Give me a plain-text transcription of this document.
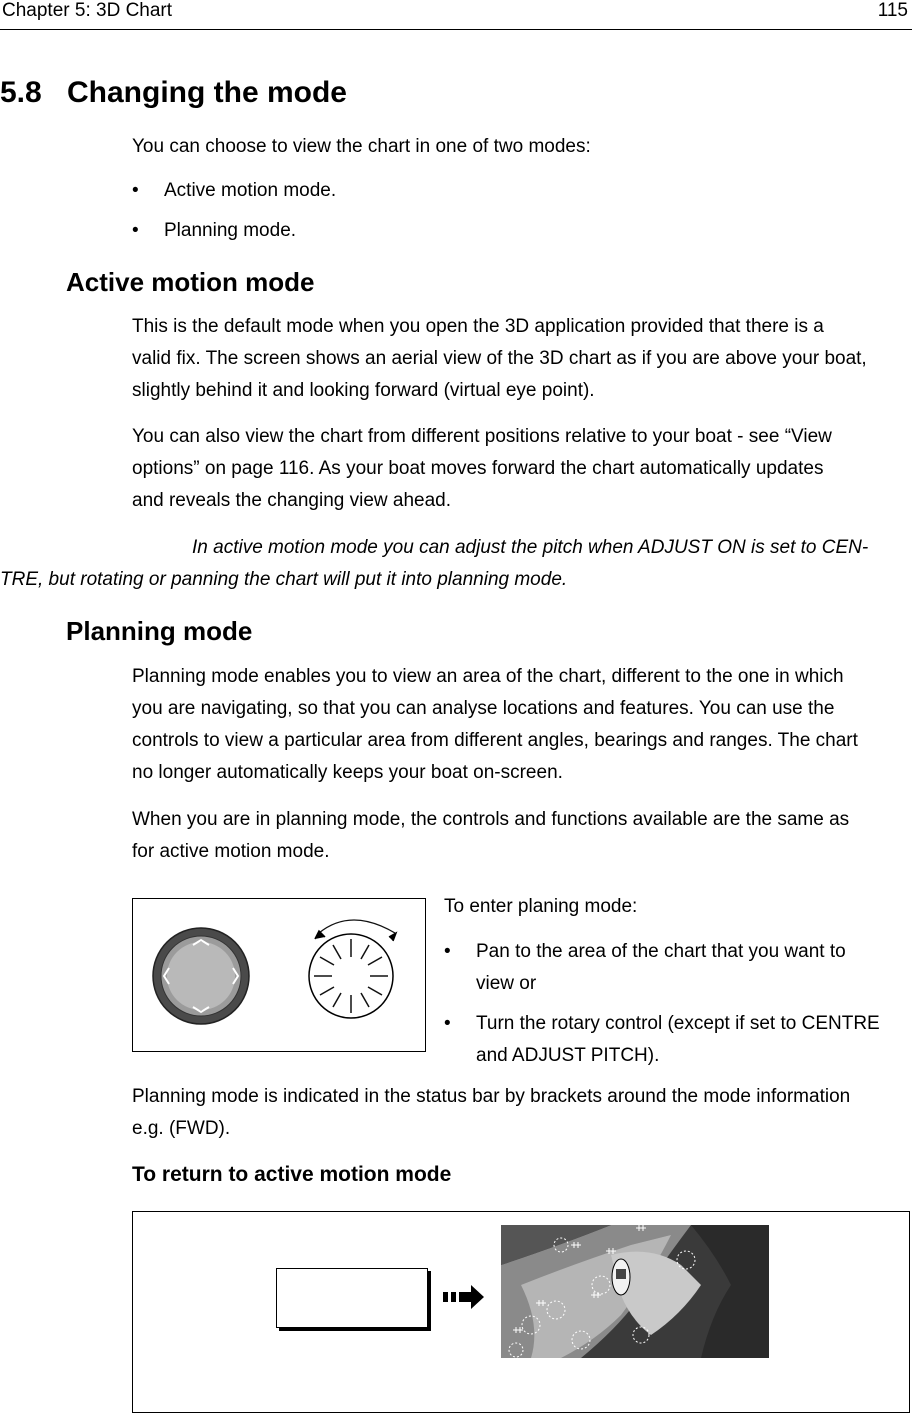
Chapter 5: 3D Chart	115
5.8 Changing the mode
You can choose to view the chart in one of two modes:
• Active motion mode.
• Planning mode.
Active motion mode
This is the default mode when you open the 3D application provided that there is a
valid fix. The screen shows an aerial view of the 3D chart as if you are above your boat,
slightly behind it and looking forward (virtual eye point).
You can also view the chart from different positions relative to your boat - see “View
options” on page 116. As your boat moves forward the chart automatically updates
and reveals the changing view ahead.
In active motion mode you can adjust the pitch when ADJUST ON is set to CEN-
TRE, but rotating or panning the chart will put it into planning mode.
Planning mode
Planning mode enables you to view an area of the chart, different to the one in which
you are navigating, so that you can analyse locations and features. You can use the
controls to view a particular area from different angles, bearings and ranges. The chart
no longer automatically keeps your boat on-screen.
When you are in planning mode, the controls and functions available are the same as
for active motion mode.
To enter planing mode:
• Pan to the area of the chart that you want to
view or
• Turn the rotary control (except if set to CENTRE
and ADJUST PITCH).
Planning mode is indicated in the status bar by brackets around the mode information
e.g. (FWD).
To return to active motion mode
